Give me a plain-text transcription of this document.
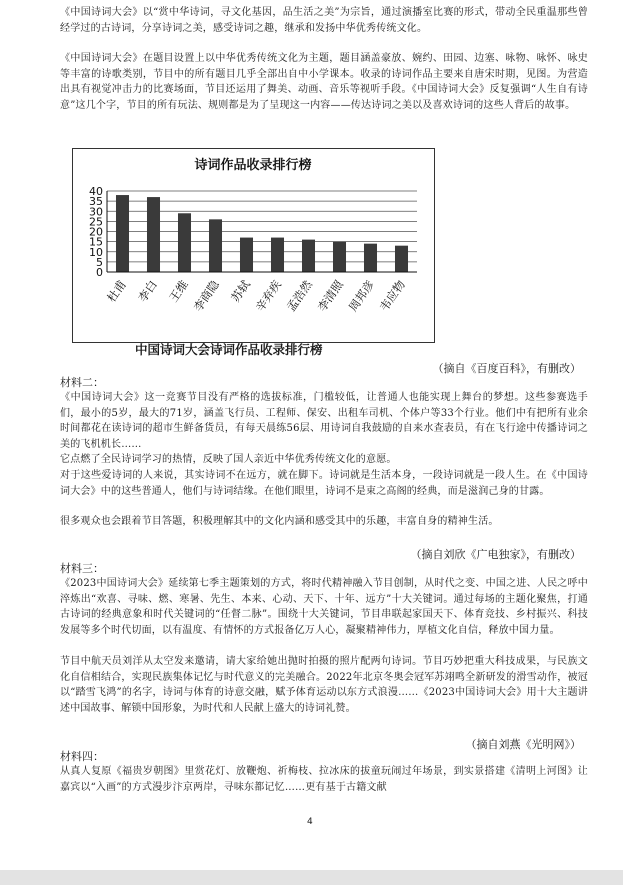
《中国诗词大会》以“赏中华诗词，寻文化基因，品生活之美”为宗旨，通过演播室比赛的形式，带动全民重温那些曾经学过的古诗词，分享诗词之美，感受诗词之趣，继承和发扬中华优秀传统文化。
《中国诗词大会》在题目设置上以中华优秀传统文化为主题，题目涵盖豪放、婉约、田园、边塞、咏物、咏怀、咏史等丰富的诗歌类别，节目中的所有题目几乎全部出自中小学课本。收录的诗词作品主要来自唐宋时期，见图。为营造出具有视觉冲击力的比赛场面，节目还运用了舞美、动画、音乐等视听手段。《中国诗词大会》反复强调“人生自有诗意”这几个字，节目的所有玩法、规则都是为了呈现这一内容——传达诗词之美以及喜欢诗词的这些人背后的故事。
诗词作品收录排行榜
0
5
10
15
20
25
30
35
40
杜甫 李白 王维 李商隐 苏轼 辛弃疾 孟浩然 李清照 周邦彦 韦应物
中国诗词大会诗词作品收录排行榜
（摘自《百度百科》，有删改）
材料二：
《中国诗词大会》这一竞赛节目没有严格的选拔标准，门槛较低，让普通人也能实现上舞台的梦想。这些参赛选手们，最小的5岁，最大的71岁，涵盖飞行员、工程师、保安、出租车司机、个体户等33个行业。他们中有把所有业余时间都花在读诗词的超市生鲜备货员，有每天晨练56层、用诗词自我鼓励的自来水查表员，有在飞行途中传播诗词之美的飞机机长……
它点燃了全民诗词学习的热情，反映了国人亲近中华优秀传统文化的意愿。
对于这些爱诗词的人来说，其实诗词不在远方，就在脚下。诗词就是生活本身，一段诗词就是一段人生。在《中国诗词大会》中的这些普通人，他们与诗词结缘。在他们眼里，诗词不是束之高阁的经典，而是滋润己身的甘露。
很多观众也会跟着节目答题，积极理解其中的文化内涵和感受其中的乐趣，丰富自身的精神生活。
（摘自刘欣《广电独家》，有删改）
材料三：
《2023中国诗词大会》延续第七季主题策划的方式，将时代精神融入节目创制，从时代之变、中国之进、人民之呼中淬炼出“欢喜、寻味、燃、寒暑、先生、本来、心动、天下、十年、远方”十大关键词。通过每场的主题化聚焦，打通古诗词的经典意象和时代关键词的“任督二脉”。围绕十大关键词，节目串联起家国天下、体育竞技、乡村振兴、科技发展等多个时代切面，以有温度、有情怀的方式报备亿万人心，凝聚精神伟力，厚植文化自信，释放中国力量。
节目中航天员刘洋从太空发来邀请，请大家给她出抛时拍摄的照片配两句诗词。节目巧妙把重大科技成果，与民族文化自信相结合，实现民族集体记忆与时代意义的完美融合。2022年北京冬奥会冠军苏翊鸣全新研发的滑雪动作，被冠以“踏雪飞鸿”的名字，诗词与体育的诗意交融，赋予体育运动以东方式浪漫……《2023中国诗词大会》用十大主题讲述中国故事、解锁中国形象，为时代和人民献上盛大的诗词礼赞。
（摘自刘燕《光明网》）
材料四：
从真人复原《福贵岁朝图》里赏花灯、放鞭炮、祈梅枝、拉冰床的拔童玩闹过年场景，到实景搭建《清明上河图》让嘉宾以“入画”的方式漫步汴京两岸，寻味东都记忆……更有基于古籍文献
4
